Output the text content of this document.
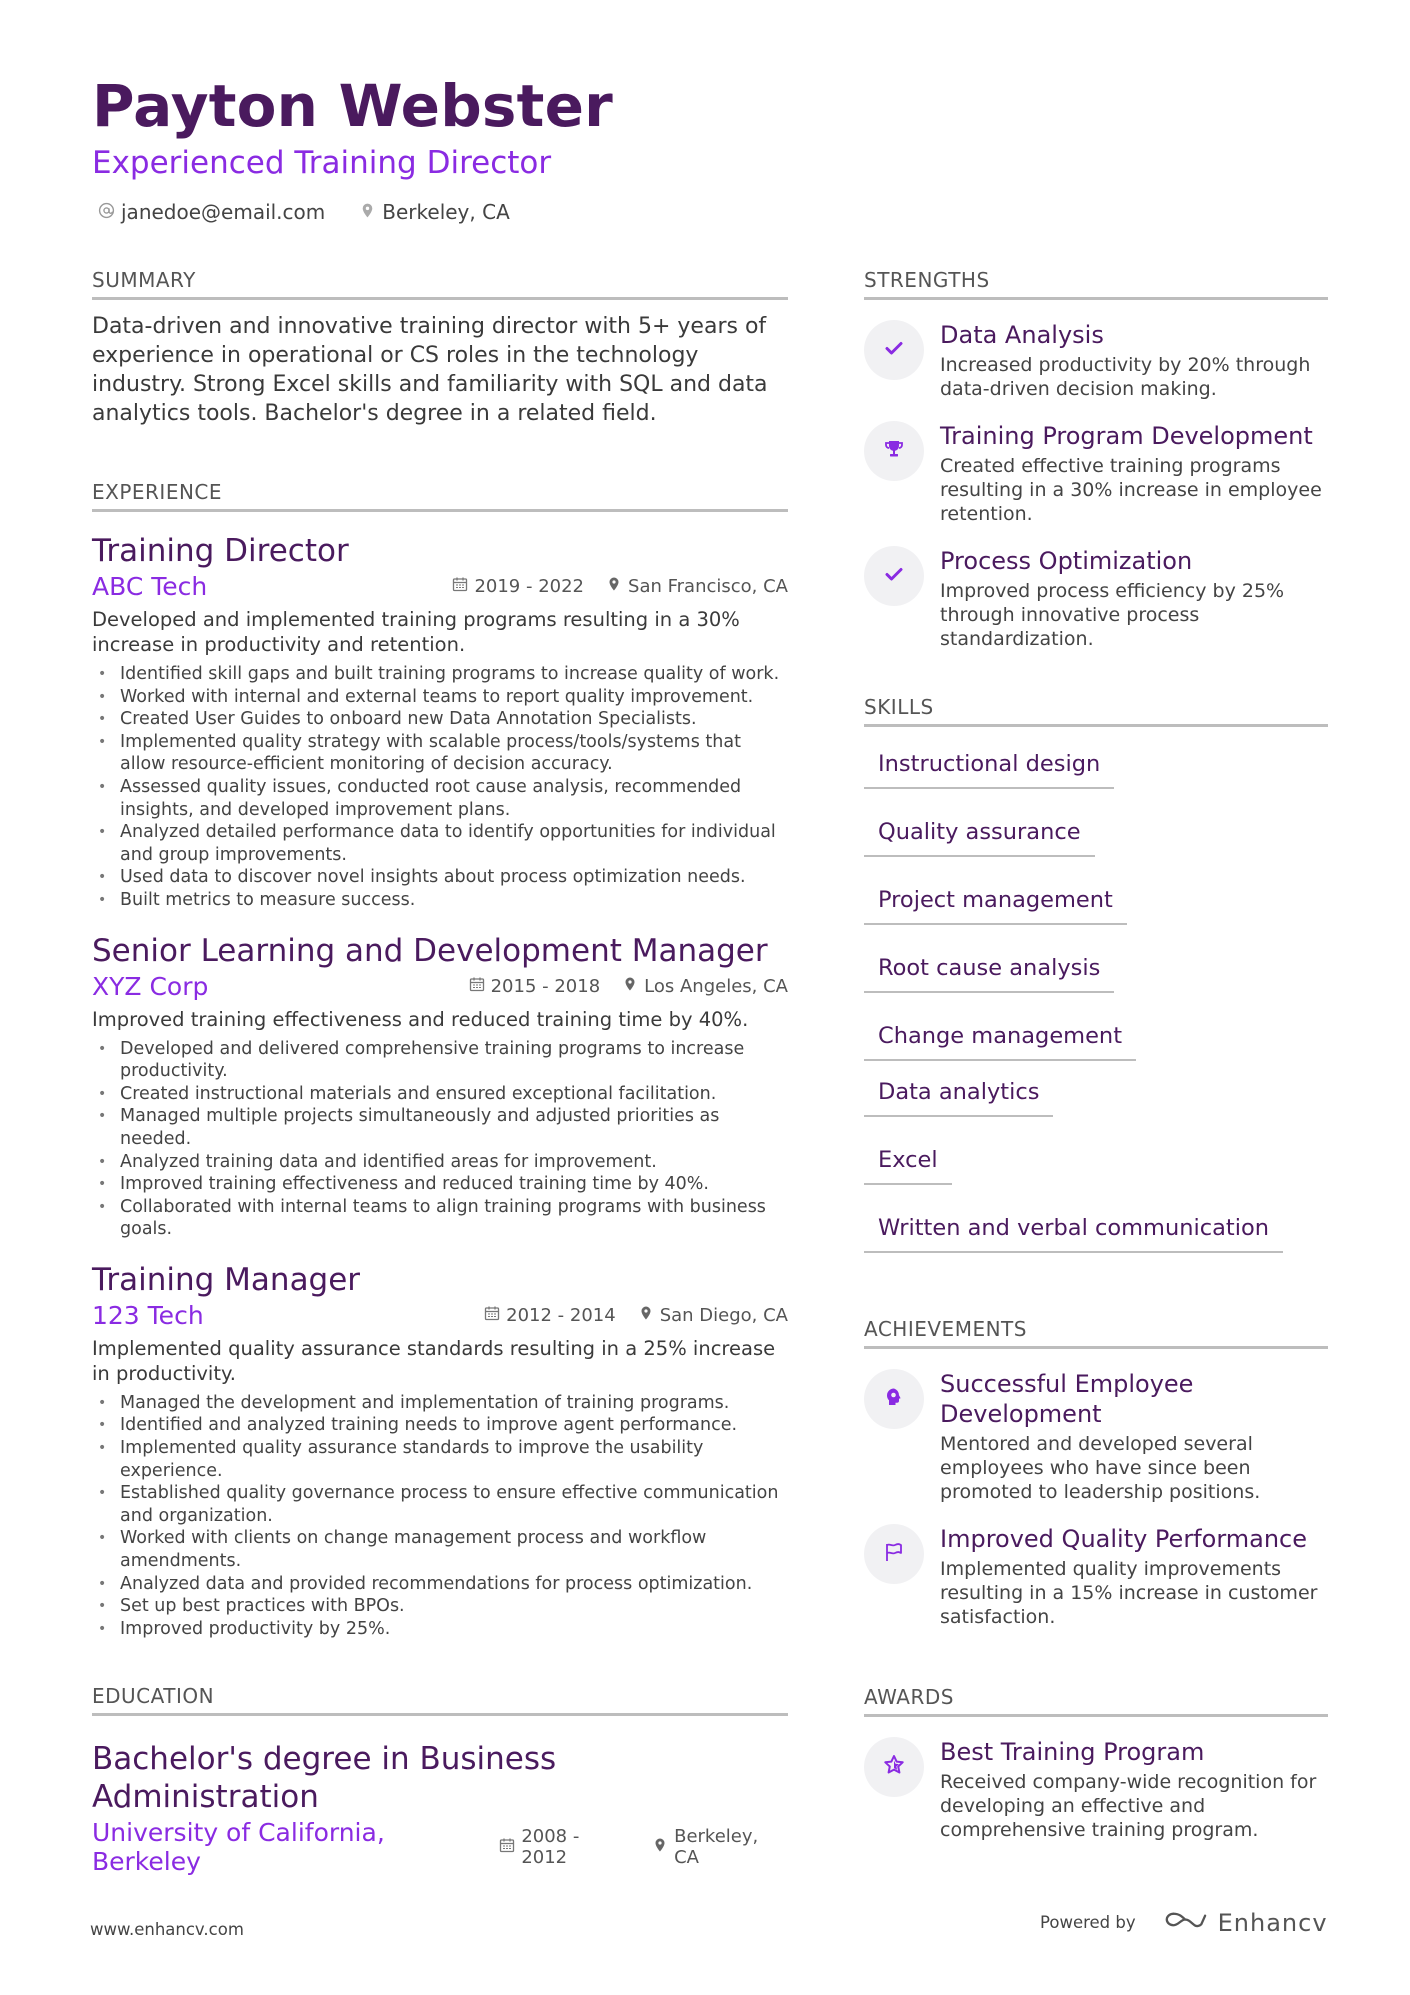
Payton Webster
Experienced Training Director
janedoe@email.com	Berkeley, CA
SUMMARY
Data-driven and innovative training director with 5+ years of experience in operational or CS roles in the technology industry. Strong Excel skills and familiarity with SQL and data analytics tools. Bachelor's degree in a related field.
EXPERIENCE
Training Director
ABC Tech	2019 - 2022 San Francisco, CA
Developed and implemented training programs resulting in a 30% increase in productivity and retention.
• Identified skill gaps and built training programs to increase quality of work.
• Worked with internal and external teams to report quality improvement.
• Created User Guides to onboard new Data Annotation Specialists.
• Implemented quality strategy with scalable process/tools/systems that allow resource-efficient monitoring of decision accuracy.
• Assessed quality issues, conducted root cause analysis, recommended insights, and developed improvement plans.
• Analyzed detailed performance data to identify opportunities for individual and group improvements.
• Used data to discover novel insights about process optimization needs.
• Built metrics to measure success.
Senior Learning and Development Manager
XYZ Corp	2015 - 2018 Los Angeles, CA
Improved training effectiveness and reduced training time by 40%.
• Developed and delivered comprehensive training programs to increase productivity.
• Created instructional materials and ensured exceptional facilitation.
• Managed multiple projects simultaneously and adjusted priorities as needed.
• Analyzed training data and identified areas for improvement.
• Improved training effectiveness and reduced training time by 40%.
• Collaborated with internal teams to align training programs with business goals.
Training Manager
123 Tech	2012 - 2014 San Diego, CA
Implemented quality assurance standards resulting in a 25% increase in productivity.
• Managed the development and implementation of training programs.
• Identified and analyzed training needs to improve agent performance.
• Implemented quality assurance standards to improve the usability experience.
• Established quality governance process to ensure effective communication and organization.
• Worked with clients on change management process and workflow amendments.
• Analyzed data and provided recommendations for process optimization.
• Set up best practices with BPOs.
• Improved productivity by 25%.
EDUCATION
Bachelor's degree in Business Administration
University of California, Berkeley
2008 - 2012
Berkeley, CA
STRENGTHS
Data Analysis
Increased productivity by 20% through data-driven decision making.
Training Program Development
Created effective training programs resulting in a 30% increase in employee retention.
Process Optimization
Improved process efficiency by 25% through innovative process standardization.
SKILLS
Instructional design
Quality assurance
Project management
Root cause analysis
Change management
Data analytics
Excel
Written and verbal communication
ACHIEVEMENTS
Successful Employee Development
Mentored and developed several employees who have since been promoted to leadership positions.
Improved Quality Performance
Implemented quality improvements resulting in a 15% increase in customer satisfaction.
AWARDS
Best Training Program
Received company-wide recognition for developing an effective and comprehensive training program.
www.enhancv.com	Powered by	Enhancv
